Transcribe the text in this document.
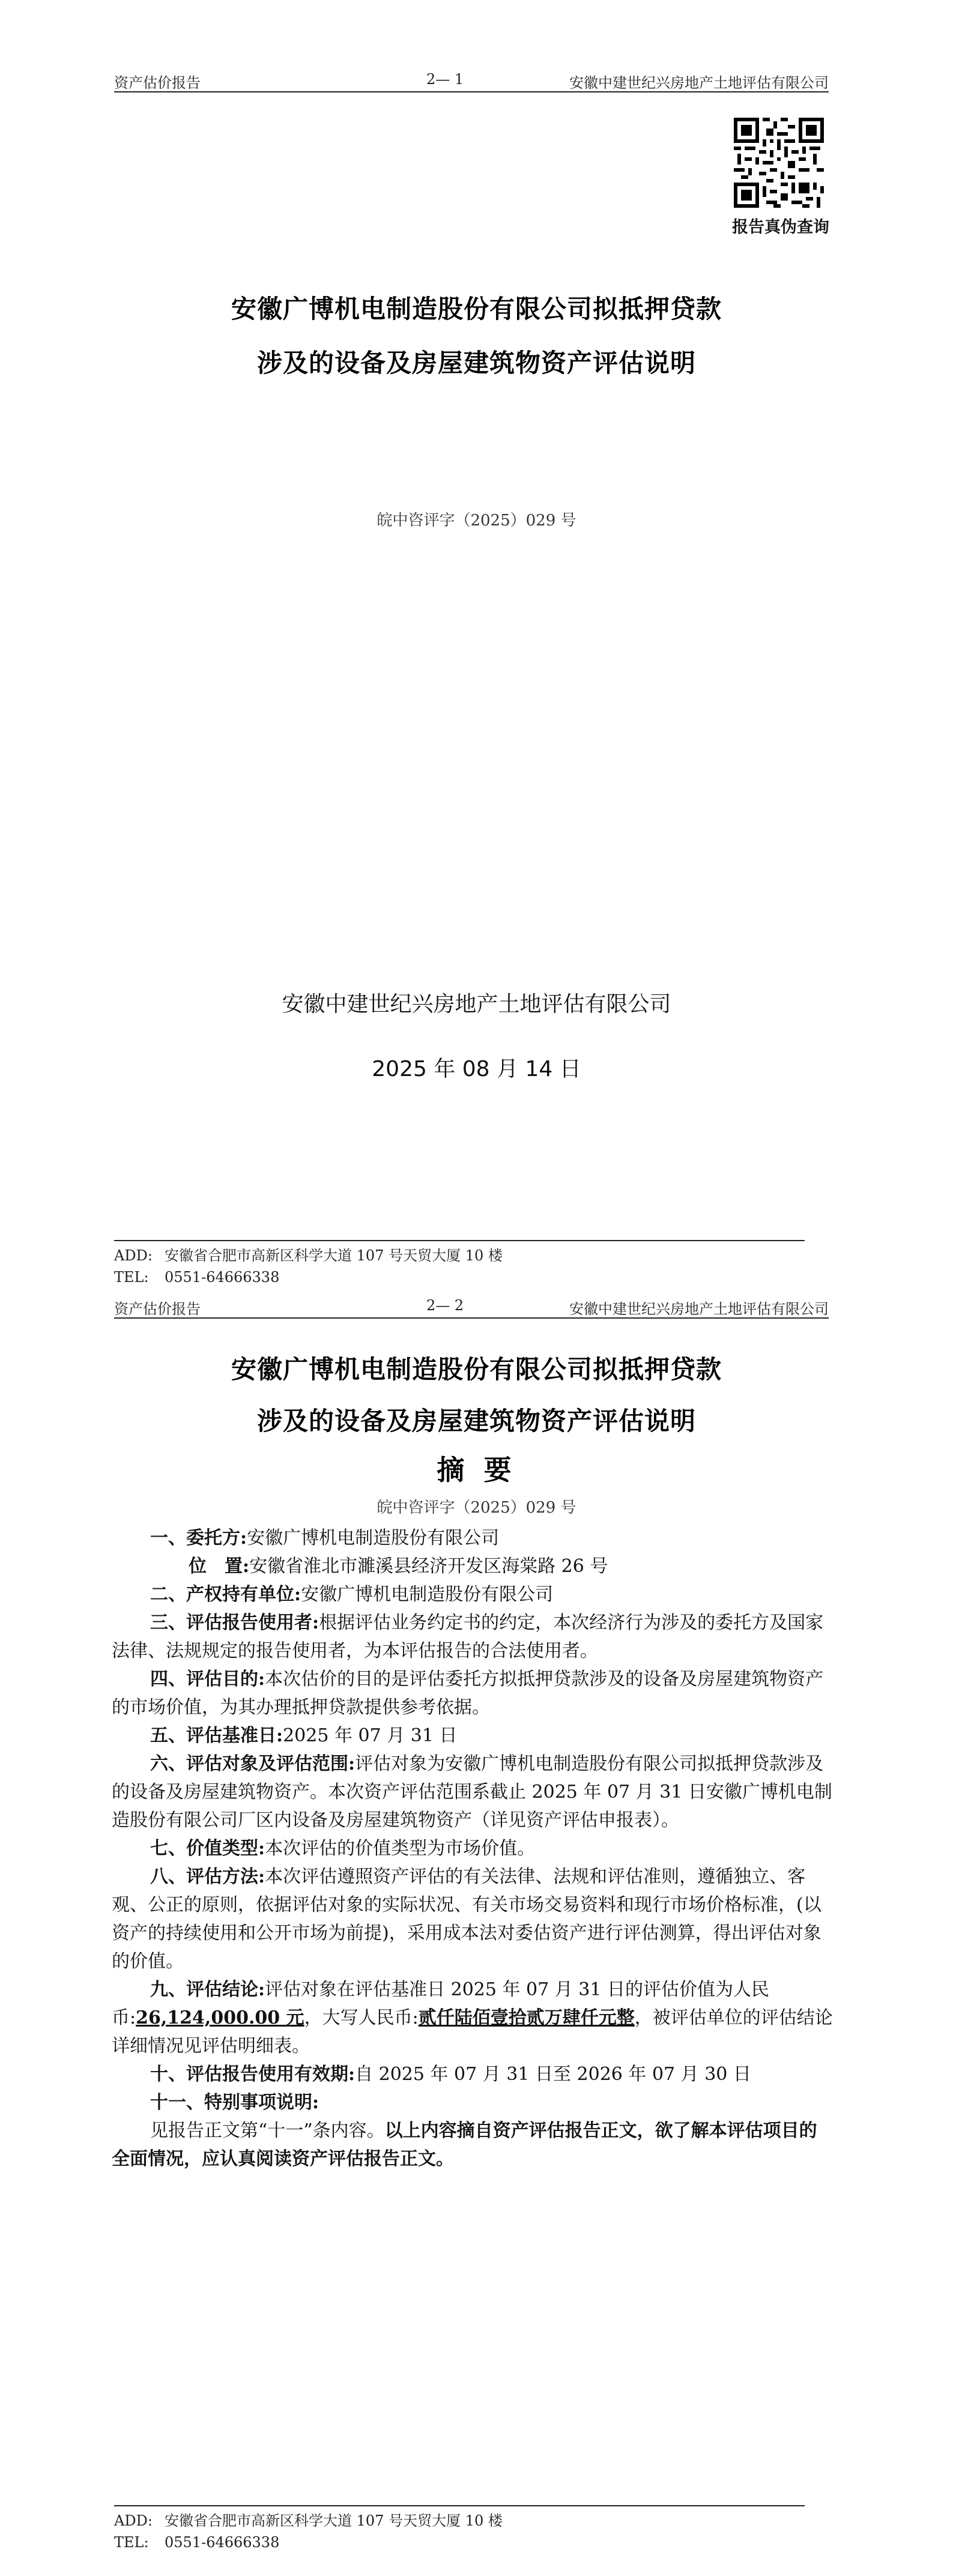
资产估价报告	2— 1	安徽中建世纪兴房地产土地评估有限公司
报告真伪查询
安徽广博机电制造股份有限公司拟抵押贷款
涉及的设备及房屋建筑物资产评估说明
皖中咨评字（2025）029 号
安徽中建世纪兴房地产土地评估有限公司
2025 年 08 月 14 日
ADD: 安徽省合肥市高新区科学大道 107 号天贸大厦 10 楼
TEL: 0551-64666338
资产估价报告	2— 2	安徽中建世纪兴房地产土地评估有限公司
安徽广博机电制造股份有限公司拟抵押贷款
涉及的设备及房屋建筑物资产评估说明
摘 要
皖中咨评字（2025）029 号

一、委托方:安徽广博机电制造股份有限公司

位　置:安徽省淮北市濉溪县经济开发区海棠路 26 号

二、产权持有单位:安徽广博机电制造股份有限公司

三、评估报告使用者:根据评估业务约定书的约定，本次经济行为涉及的委托方及国家法律、法规规定的报告使用者，为本评估报告的合法使用者。

四、评估目的:本次估价的目的是评估委托方拟抵押贷款涉及的设备及房屋建筑物资产的市场价值，为其办理抵押贷款提供参考依据。

五、评估基准日:2025 年 07 月 31 日

六、评估对象及评估范围:评估对象为安徽广博机电制造股份有限公司拟抵押贷款涉及的设备及房屋建筑物资产。本次资产评估范围系截止 2025 年 07 月 31 日安徽广博机电制造股份有限公司厂区内设备及房屋建筑物资产（详见资产评估申报表）。

七、价值类型:本次评估的价值类型为市场价值。

八、评估方法:本次评估遵照资产评估的有关法律、法规和评估准则，遵循独立、客观、公正的原则，依据评估对象的实际状况、有关市场交易资料和现行市场价格标准，(以资产的持续使用和公开市场为前提)，采用成本法对委估资产进行评估测算，得出评估对象的价值。

九、评估结论:评估对象在评估基准日 2025 年 07 月 31 日的评估价值为人民币:26,124,000.00 元，大写人民币:贰仟陆佰壹拾贰万肆仟元整，被评估单位的评估结论详细情况见评估明细表。

十、评估报告使用有效期:自 2025 年 07 月 31 日至 2026 年 07 月 30 日

十一、特别事项说明:

见报告正文第“十一”条内容。以上内容摘自资产评估报告正文，欲了解本评估项目的全面情况，应认真阅读资产评估报告正文。

ADD: 安徽省合肥市高新区科学大道 107 号天贸大厦 10 楼
TEL: 0551-64666338
